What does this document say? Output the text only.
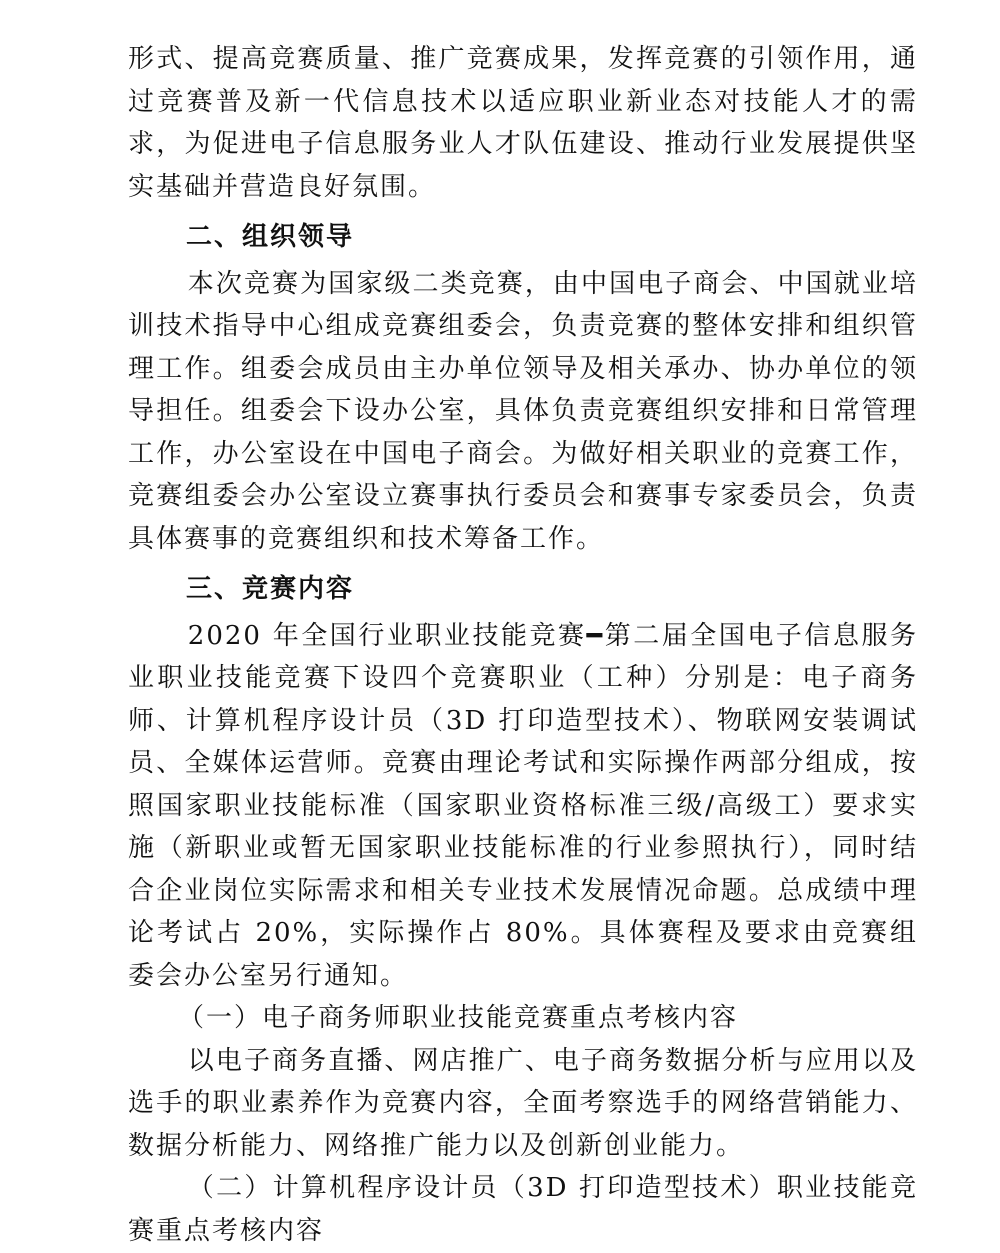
形式、提高竞赛质量、推广竞赛成果，发挥竞赛的引领作用，通过竞赛普及新一代信息技术以适应职业新业态对技能人才的需求，为促进电子信息服务业人才队伍建设、推动行业发展提供坚实基础并营造良好氛围。

二、组织领导

本次竞赛为国家级二类竞赛，由中国电子商会、中国就业培训技术指导中心组成竞赛组委会，负责竞赛的整体安排和组织管理工作。组委会成员由主办单位领导及相关承办、协办单位的领导担任。组委会下设办公室，具体负责竞赛组织安排和日常管理工作，办公室设在中国电子商会。为做好相关职业的竞赛工作，竞赛组委会办公室设立赛事执行委员会和赛事专家委员会，负责具体赛事的竞赛组织和技术筹备工作。

三、竞赛内容

2020 年全国行业职业技能竞赛━第二届全国电子信息服务业职业技能竞赛下设四个竞赛职业（工种）分别是：电子商务师、计算机程序设计员（3D 打印造型技术）、物联网安装调试员、全媒体运营师。竞赛由理论考试和实际操作两部分组成，按照国家职业技能标准（国家职业资格标准三级/高级工）要求实施（新职业或暂无国家职业技能标准的行业参照执行），同时结合企业岗位实际需求和相关专业技术发展情况命题。总成绩中理论考试占 20%，实际操作占 80%。具体赛程及要求由竞赛组委会办公室另行通知。

（一）电子商务师职业技能竞赛重点考核内容

以电子商务直播、网店推广、电子商务数据分析与应用以及选手的职业素养作为竞赛内容，全面考察选手的网络营销能力、数据分析能力、网络推广能力以及创新创业能力。

（二）计算机程序设计员（3D 打印造型技术）职业技能竞赛重点考核内容
